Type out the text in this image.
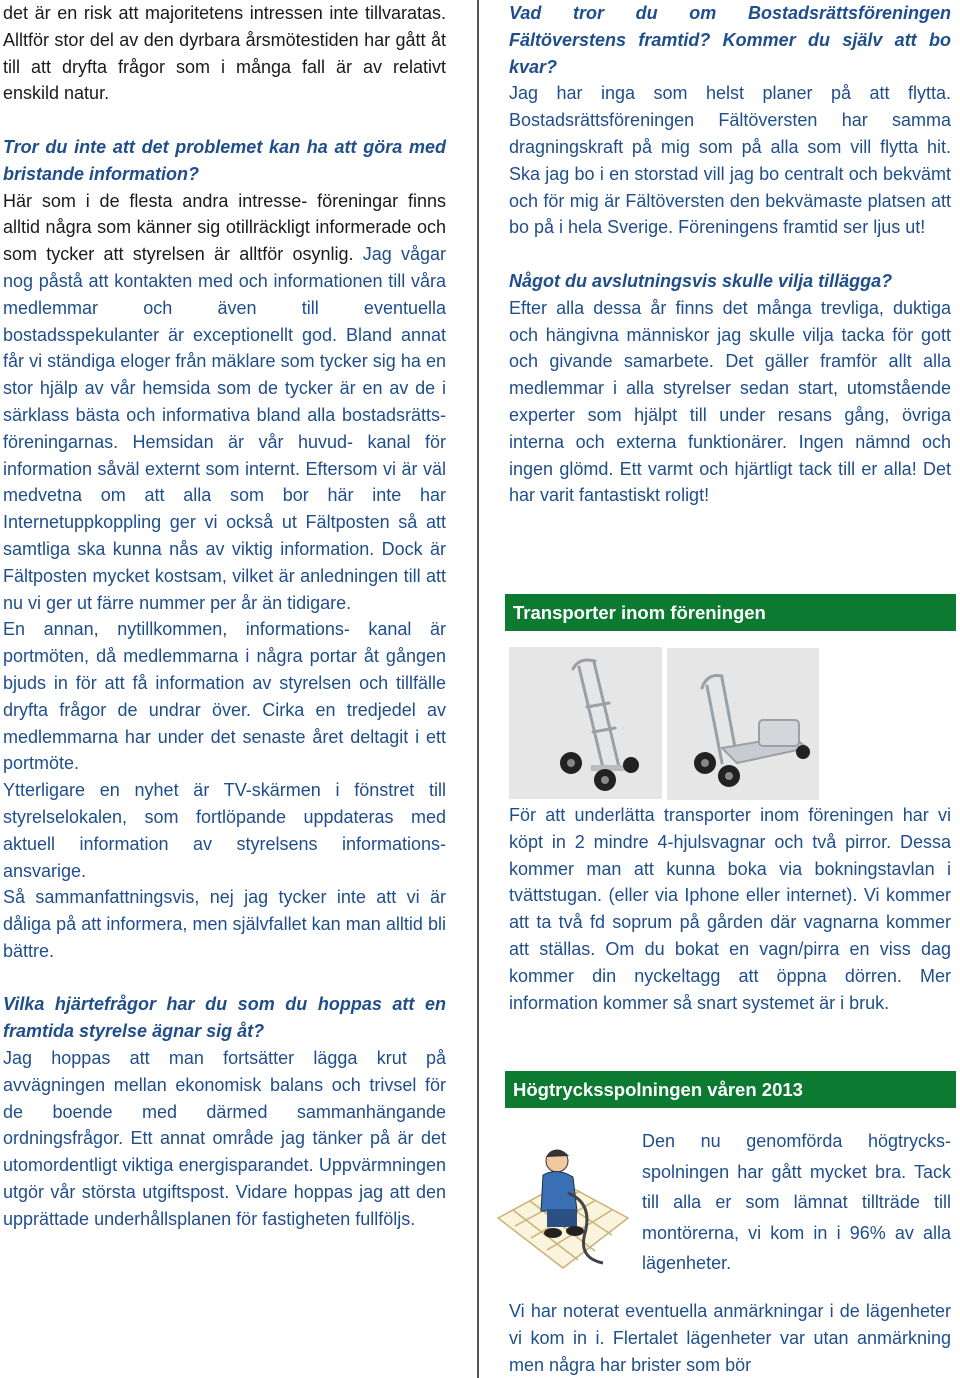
det är en risk att majoritetens intressen inte tillvaratas. Alltför stor del av den dyrbara årsmötestiden har gått åt till att dryfta frågor som i många fall är av relativt enskild natur.

Tror du inte att det problemet kan ha att göra med bristande information?

Här som i de flesta andra intresse- föreningar finns alltid några som känner sig otillräckligt informerade och som tycker att styrelsen är alltför osynlig. Jag vågar nog påstå att kontakten med och informationen till våra medlemmar och även till eventuella bostadsspekulanter är exceptionellt god. Bland annat får vi ständiga eloger från mäklare som tycker sig ha en stor hjälp av vår hemsida som de tycker är en av de i särklass bästa och informativa bland alla bostadsrätts- föreningarnas. Hemsidan är vår huvud- kanal för information såväl externt som internt. Eftersom vi är väl medvetna om att alla som bor här inte har Internetuppkoppling ger vi också ut Fältposten så att samtliga ska kunna nås av viktig information. Dock är Fältposten mycket kostsam, vilket är anledningen till att nu vi ger ut färre nummer per år än tidigare.

En annan, nytillkommen, informations- kanal är portmöten, då medlemmarna i några portar åt gången bjuds in för att få information av styrelsen och tillfälle dryfta frågor de undrar över. Cirka en tredjedel av medlemmarna har under det senaste året deltagit i ett portmöte.

Ytterligare en nyhet är TV-skärmen i fönstret till styrelselokalen, som fortlöpande uppdateras med aktuell information av styrelsens informations- ansvarige.

Så sammanfattningsvis, nej jag tycker inte att vi är dåliga på att informera, men självfallet kan man alltid bli bättre.

Vilka hjärtefrågor har du som du hoppas att en framtida styrelse ägnar sig åt?

Jag hoppas att man fortsätter lägga krut på avvägningen mellan ekonomisk balans och trivsel för de boende med därmed sammanhängande ordningsfrågor. Ett annat område jag tänker på är det utomordentligt viktiga energisparandet. Uppvärmningen utgör vår största utgiftspost. Vidare hoppas jag att den upprättade underhållsplanen för fastigheten fullföljs.

Vad tror du om Bostadsrättsföreningen Fältöverstens framtid? Kommer du själv att bo kvar?

Jag har inga som helst planer på att flytta. Bostadsrättsföreningen Fältöversten har samma dragningskraft på mig som på alla som vill flytta hit. Ska jag bo i en storstad vill jag bo centralt och bekvämt och för mig är Fältöversten den bekvämaste platsen att bo på i hela Sverige. Föreningens framtid ser ljus ut!

Något du avslutningsvis skulle vilja tillägga?

Efter alla dessa år finns det många trevliga, duktiga och hängivna människor jag skulle vilja tacka för gott och givande samarbete. Det gäller framför allt alla medlemmar i alla styrelser sedan start, utomstående experter som hjälpt till under resans gång, övriga interna och externa funktionärer. Ingen nämnd och ingen glömd. Ett varmt och hjärtligt tack till er alla! Det har varit fantastiskt roligt!

Transporter inom föreningen

För att underlätta transporter inom föreningen har vi köpt in 2 mindre 4-hjulsvagnar och två pirror. Dessa kommer man att kunna boka via bokningstavlan i tvättstugan. (eller via Iphone eller internet). Vi kommer att ta två fd soprum på gården där vagnarna kommer att ställas. Om du bokat en vagn/pirra en viss dag kommer din nyckeltagg att öppna dörren. Mer information kommer så snart systemet är i bruk.

Högtrycksspolningen våren 2013

Den nu genomförda högtrycks- spolningen har gått mycket bra. Tack till alla er som lämnat tillträde till montörerna, vi kom in i 96% av alla lägenheter.

Vi har noterat eventuella anmärkningar i de lägenheter vi kom in i. Flertalet lägenheter var utan anmärkning men några har brister som bör
